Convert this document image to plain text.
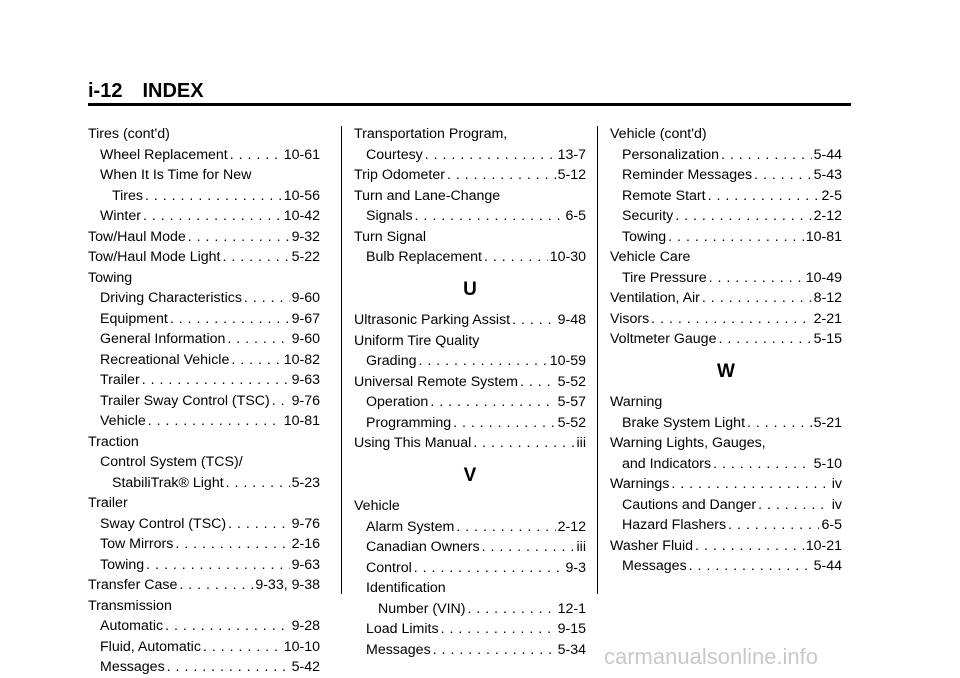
i-12 INDEX
Tires (cont'd)
Wheel Replacement . . .	10-61
When It Is Time for New
Tires . . .	10-56
Winter . . .	10-42
Tow/Haul Mode . . .	9-32
Tow/Haul Mode Light . . .	5-22
Towing
Driving Characteristics . . .	9-60
Equipment . . .	9-67
General Information . . .	9-60
Recreational Vehicle . . .	10-82
Trailer . . .	9-63
Trailer Sway Control (TSC) . . . 9-76
Vehicle . . .	10-81
Traction
Control System (TCS)/
StabiliTrak® Light . . .	5-23
Trailer
Sway Control (TSC) . . .	9-76
Tow Mirrors . . .	2-16
Towing . . .	9-63
Transfer Case . . .	9-33, 9-38
Transmission
Automatic . . .	9-28
Fluid, Automatic . . .	10-10
Messages . . .	5-42
Transportation Program,
Courtesy . . .	13-7
Trip Odometer . . .	5-12
Turn and Lane-Change
Signals . . .	6-5
Turn Signal
Bulb Replacement . . .	10-30
U
Ultrasonic Parking Assist . . .	9-48
Uniform Tire Quality
Grading . . .	10-59
Universal Remote System . . .	5-52
Operation . . .	5-57
Programming . . .	5-52
Using This Manual . . .	iii
V
Vehicle
Alarm System . . .	2-12
Canadian Owners . . .	iii
Control . . .	9-3
Identification
Number (VIN) . . .	12-1
Load Limits . . .	9-15
Messages . . .	5-34
Vehicle (cont'd)
Personalization . . .	5-44
Reminder Messages . . .	5-43
Remote Start . . .	2-5
Security . . .	2-12
Towing . . .	10-81
Vehicle Care
Tire Pressure . . .	10-49
Ventilation, Air . . .	8-12
Visors . . .	2-21
Voltmeter Gauge . . .	5-15
W
Warning
Brake System Light . . .	5-21
Warning Lights, Gauges,
and Indicators . . .	5-10
Warnings . . .	iv
Cautions and Danger . . .	iv
Hazard Flashers . . .	6-5
Washer Fluid . . .	10-21
Messages . . .	5-44
carmanualsonline.info
